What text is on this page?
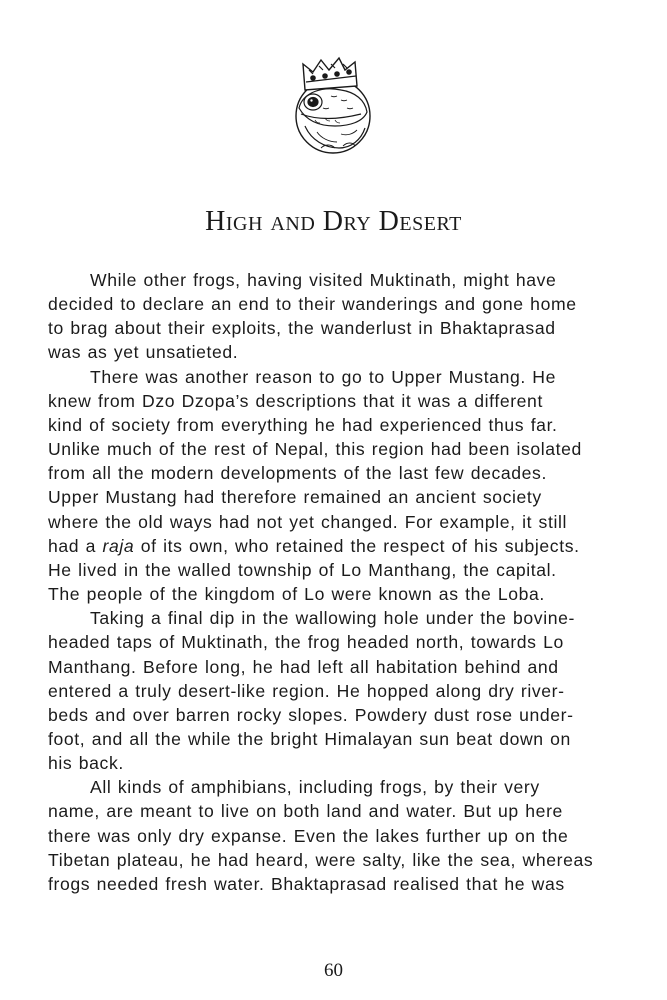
High and Dry Desert
While other frogs, having visited Muktinath, might have
decided to declare an end to their wanderings and gone home
to brag about their exploits, the wanderlust in Bhaktaprasad
was as yet unsatieted.
There was another reason to go to Upper Mustang. He
knew from Dzo Dzopa’s descriptions that it was a different
kind of society from everything he had experienced thus far.
Unlike much of the rest of Nepal, this region had been isolated
from all the modern developments of the last few decades.
Upper Mustang had therefore remained an ancient society
where the old ways had not yet changed. For example, it still
had a raja of its own, who retained the respect of his subjects.
He lived in the walled township of Lo Manthang, the capital.
The people of the kingdom of Lo were known as the Loba.
Taking a final dip in the wallowing hole under the bovine-
headed taps of Muktinath, the frog headed north, towards Lo
Manthang. Before long, he had left all habitation behind and
entered a truly desert-like region. He hopped along dry river-
beds and over barren rocky slopes. Powdery dust rose under-
foot, and all the while the bright Himalayan sun beat down on
his back.
All kinds of amphibians, including frogs, by their very
name, are meant to live on both land and water. But up here
there was only dry expanse. Even the lakes further up on the
Tibetan plateau, he had heard, were salty, like the sea, whereas
frogs needed fresh water. Bhaktaprasad realised that he was
60
